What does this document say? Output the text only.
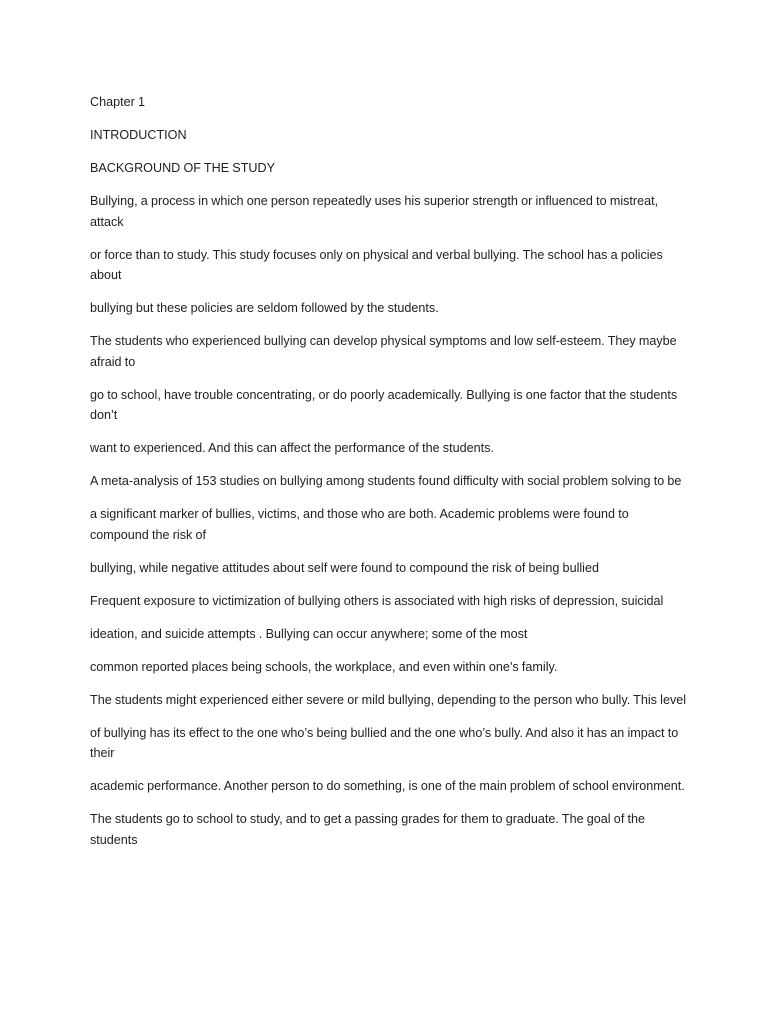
Chapter 1

INTRODUCTION

BACKGROUND OF THE STUDY

Bullying, a process in which one person repeatedly uses his superior strength or influenced to mistreat, attack

or force than to study. This study focuses only on physical and verbal bullying. The school has a policies about

bullying but these policies are seldom followed by the students.

The students who experienced bullying can develop physical symptoms and low self-esteem. They maybe afraid to

go to school, have trouble concentrating, or do poorly academically. Bullying is one factor that the students don’t

want to experienced. And this can affect the performance of the students.

A meta-analysis of 153 studies on bullying among students found difficulty with social problem solving to be

a significant marker of bullies, victims, and those who are both. Academic problems were found to compound the risk of

bullying, while negative attitudes about self were found to compound the risk of being bullied

Frequent exposure to victimization of bullying others is associated with high risks of depression, suicidal

ideation, and suicide attempts . Bullying can occur anywhere; some of the most

common reported places being schools, the workplace, and even within one’s family.

The students might experienced either severe or mild bullying, depending to the person who bully. This level

of bullying has its effect to the one who’s being bullied and the one who’s bully. And also it has an impact to their

academic performance. Another person to do something, is one of the main problem of school environment.

The students go to school to study, and to get a passing grades for them to graduate. The goal of the students
